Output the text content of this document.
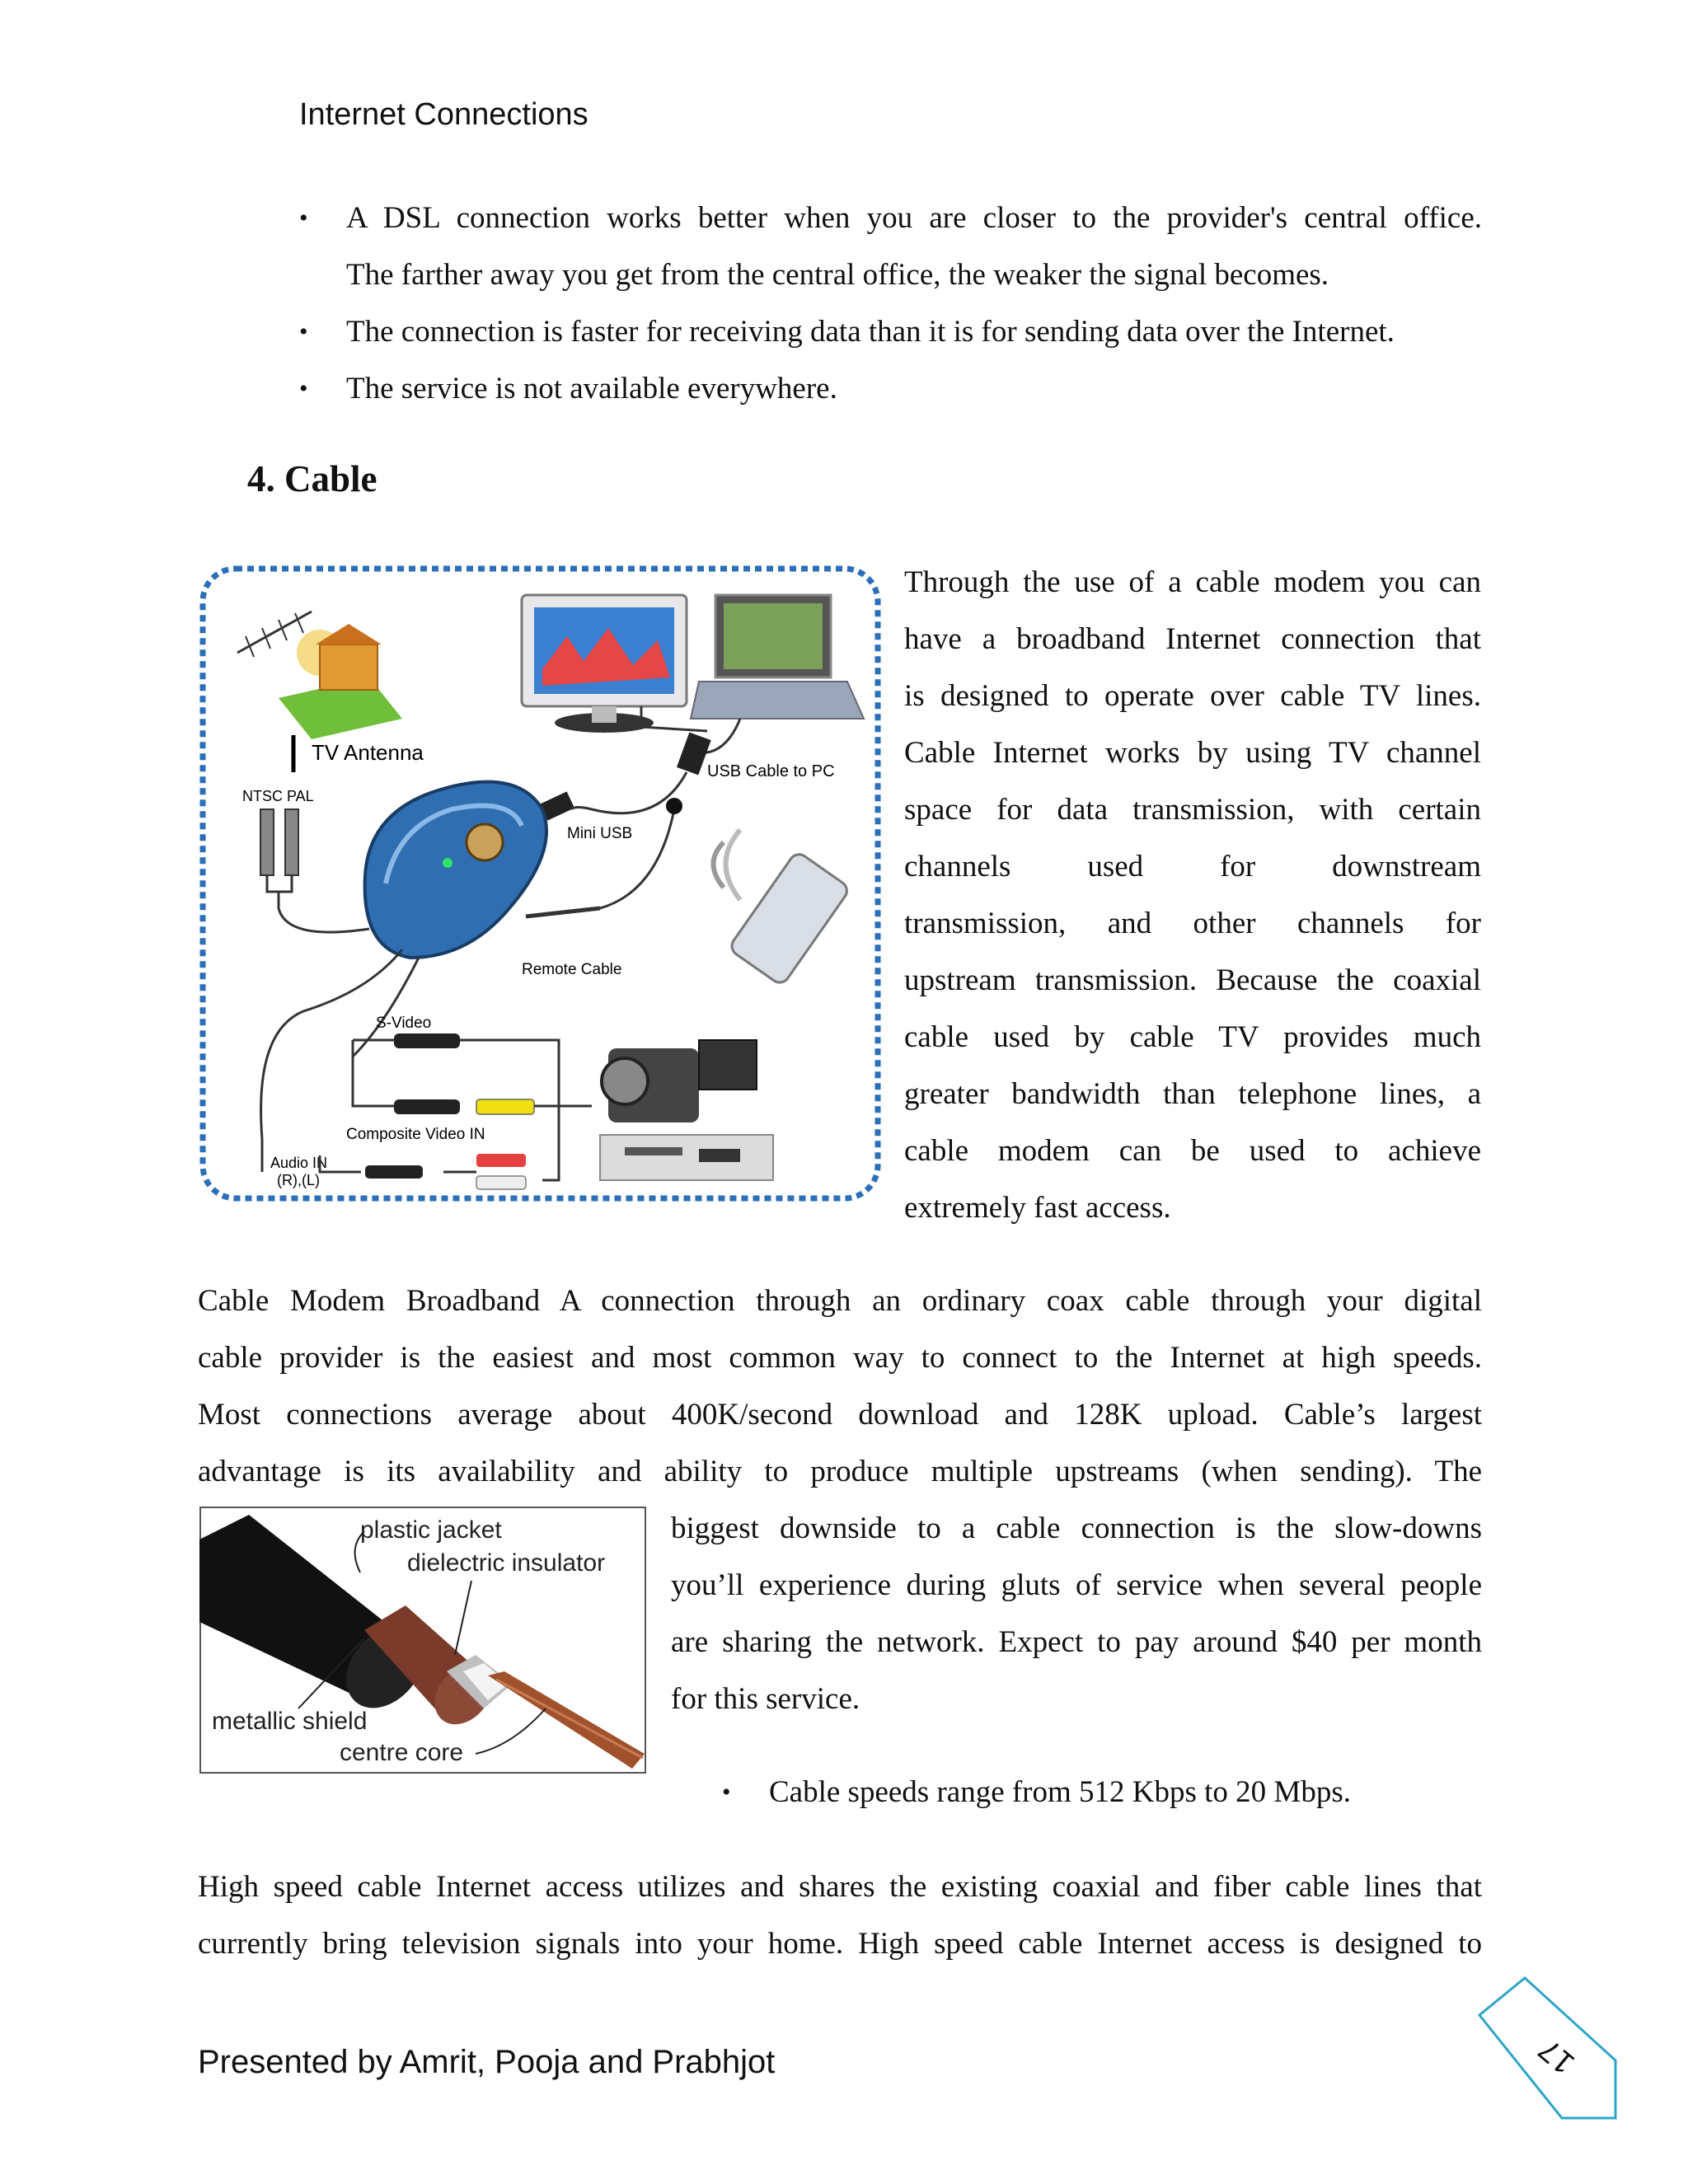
Internet Connections
• A DSL connection works better when you are closer to the provider's central office.
The farther away you get from the central office, the weaker the signal becomes.
• The connection is faster for receiving data than it is for sending data over the Internet.
• The service is not available everywhere.
4. Cable
TV Antenna
NTSC PAL
USB Cable to PC
Mini USB
Remote Cable
S-Video
Composite Video IN
Audio IN
(R),(L)
Through the use of a cable modem you can
have a broadband Internet connection that
is designed to operate over cable TV lines.
Cable Internet works by using TV channel
space for data transmission, with certain
channels used for downstream
transmission, and other channels for
upstream transmission. Because the coaxial
cable used by cable TV provides much
greater bandwidth than telephone lines, a
cable modem can be used to achieve
extremely fast access.
Cable Modem Broadband A connection through an ordinary coax cable through your digital
cable provider is the easiest and most common way to connect to the Internet at high speeds.
Most connections average about 400K/second download and 128K upload. Cable’s largest
advantage is its availability and ability to produce multiple upstreams (when sending). The
plastic jacket
dielectric insulator
metallic shield
centre core
biggest downside to a cable connection is the slow-downs
you’ll experience during gluts of service when several people
are sharing the network. Expect to pay around $40 per month
for this service.
• Cable speeds range from 512 Kbps to 20 Mbps.
High speed cable Internet access utilizes and shares the existing coaxial and fiber cable lines that
currently bring television signals into your home. High speed cable Internet access is designed to
Presented by Amrit, Pooja and Prabhjot	17
